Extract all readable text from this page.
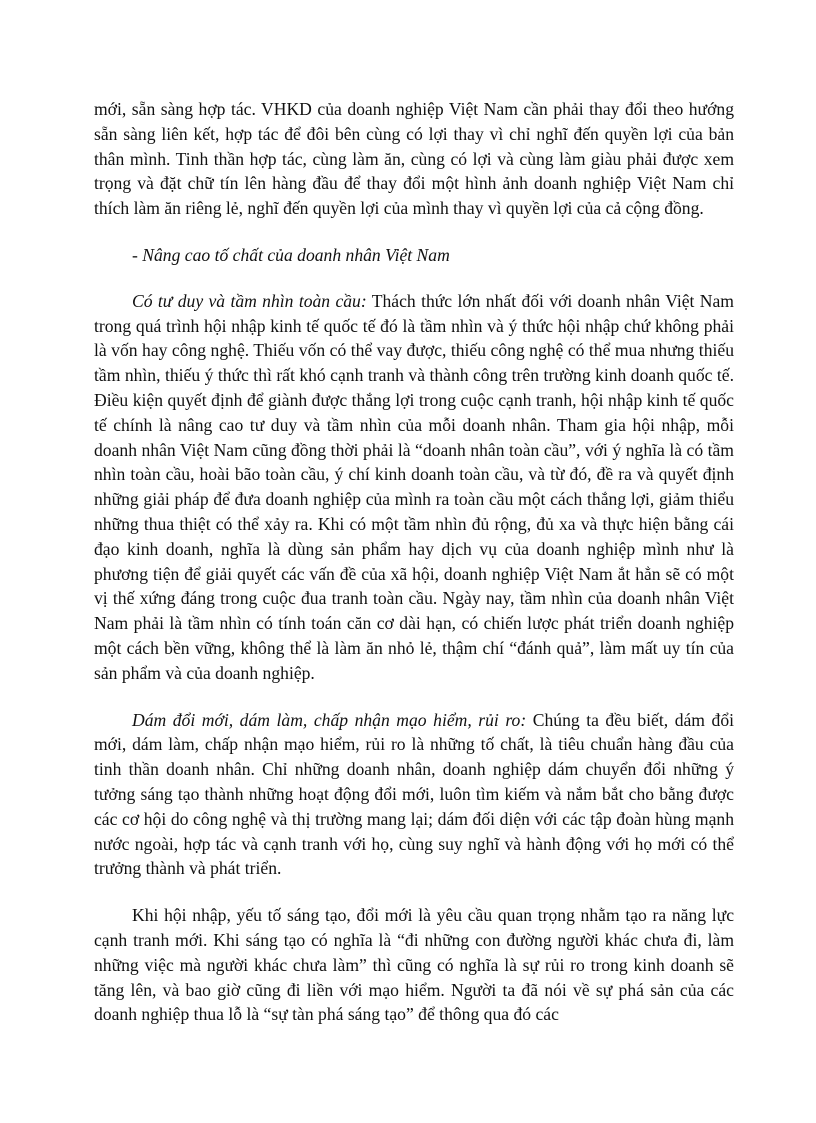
mới, sẵn sàng hợp tác. VHKD của doanh nghiệp Việt Nam cần phải thay đổi theo hướng sẵn sàng liên kết, hợp tác để đôi bên cùng có lợi thay vì chỉ nghĩ đến quyền lợi của bản thân mình. Tinh thần hợp tác, cùng làm ăn, cùng có lợi và cùng làm giàu phải được xem trọng và đặt chữ tín lên hàng đầu để thay đổi một hình ảnh doanh nghiệp Việt Nam chỉ thích làm ăn riêng lẻ, nghĩ đến quyền lợi của mình thay vì quyền lợi của cả cộng đồng.

- Nâng cao tố chất của doanh nhân Việt Nam

Có tư duy và tầm nhìn toàn cầu: Thách thức lớn nhất đối với doanh nhân Việt Nam trong quá trình hội nhập kinh tế quốc tế đó là tầm nhìn và ý thức hội nhập chứ không phải là vốn hay công nghệ. Thiếu vốn có thể vay được, thiếu công nghệ có thể mua nhưng thiếu tầm nhìn, thiếu ý thức thì rất khó cạnh tranh và thành công trên trường kinh doanh quốc tế. Điều kiện quyết định để giành được thắng lợi trong cuộc cạnh tranh, hội nhập kinh tế quốc tế chính là nâng cao tư duy và tầm nhìn của mỗi doanh nhân. Tham gia hội nhập, mỗi doanh nhân Việt Nam cũng đồng thời phải là “doanh nhân toàn cầu”, với ý nghĩa là có tầm nhìn toàn cầu, hoài bão toàn cầu, ý chí kinh doanh toàn cầu, và từ đó, đề ra và quyết định những giải pháp để đưa doanh nghiệp của mình ra toàn cầu một cách thắng lợi, giảm thiểu những thua thiệt có thể xảy ra. Khi có một tầm nhìn đủ rộng, đủ xa và thực hiện bằng cái đạo kinh doanh, nghĩa là dùng sản phẩm hay dịch vụ của doanh nghiệp mình như là phương tiện để giải quyết các vấn đề của xã hội, doanh nghiệp Việt Nam ắt hẳn sẽ có một vị thế xứng đáng trong cuộc đua tranh toàn cầu. Ngày nay, tầm nhìn của doanh nhân Việt Nam phải là tầm nhìn có tính toán căn cơ dài hạn, có chiến lược phát triển doanh nghiệp một cách bền vững, không thể là làm ăn nhỏ lẻ, thậm chí “đánh quả”, làm mất uy tín của sản phẩm và của doanh nghiệp.

Dám đổi mới, dám làm, chấp nhận mạo hiểm, rủi ro: Chúng ta đều biết, dám đổi mới, dám làm, chấp nhận mạo hiểm, rủi ro là những tố chất, là tiêu chuẩn hàng đầu của tinh thần doanh nhân. Chỉ những doanh nhân, doanh nghiệp dám chuyển đổi những ý tưởng sáng tạo thành những hoạt động đổi mới, luôn tìm kiếm và nắm bắt cho bằng được các cơ hội do công nghệ và thị trường mang lại; dám đối diện với các tập đoàn hùng mạnh nước ngoài, hợp tác và cạnh tranh với họ, cùng suy nghĩ và hành động với họ mới có thể trưởng thành và phát triển.

Khi hội nhập, yếu tố sáng tạo, đổi mới là yêu cầu quan trọng nhằm tạo ra năng lực cạnh tranh mới. Khi sáng tạo có nghĩa là “đi những con đường người khác chưa đi, làm những việc mà người khác chưa làm” thì cũng có nghĩa là sự rủi ro trong kinh doanh sẽ tăng lên, và bao giờ cũng đi liền với mạo hiểm. Người ta đã nói về sự phá sản của các doanh nghiệp thua lỗ là “sự tàn phá sáng tạo” để thông qua đó các
